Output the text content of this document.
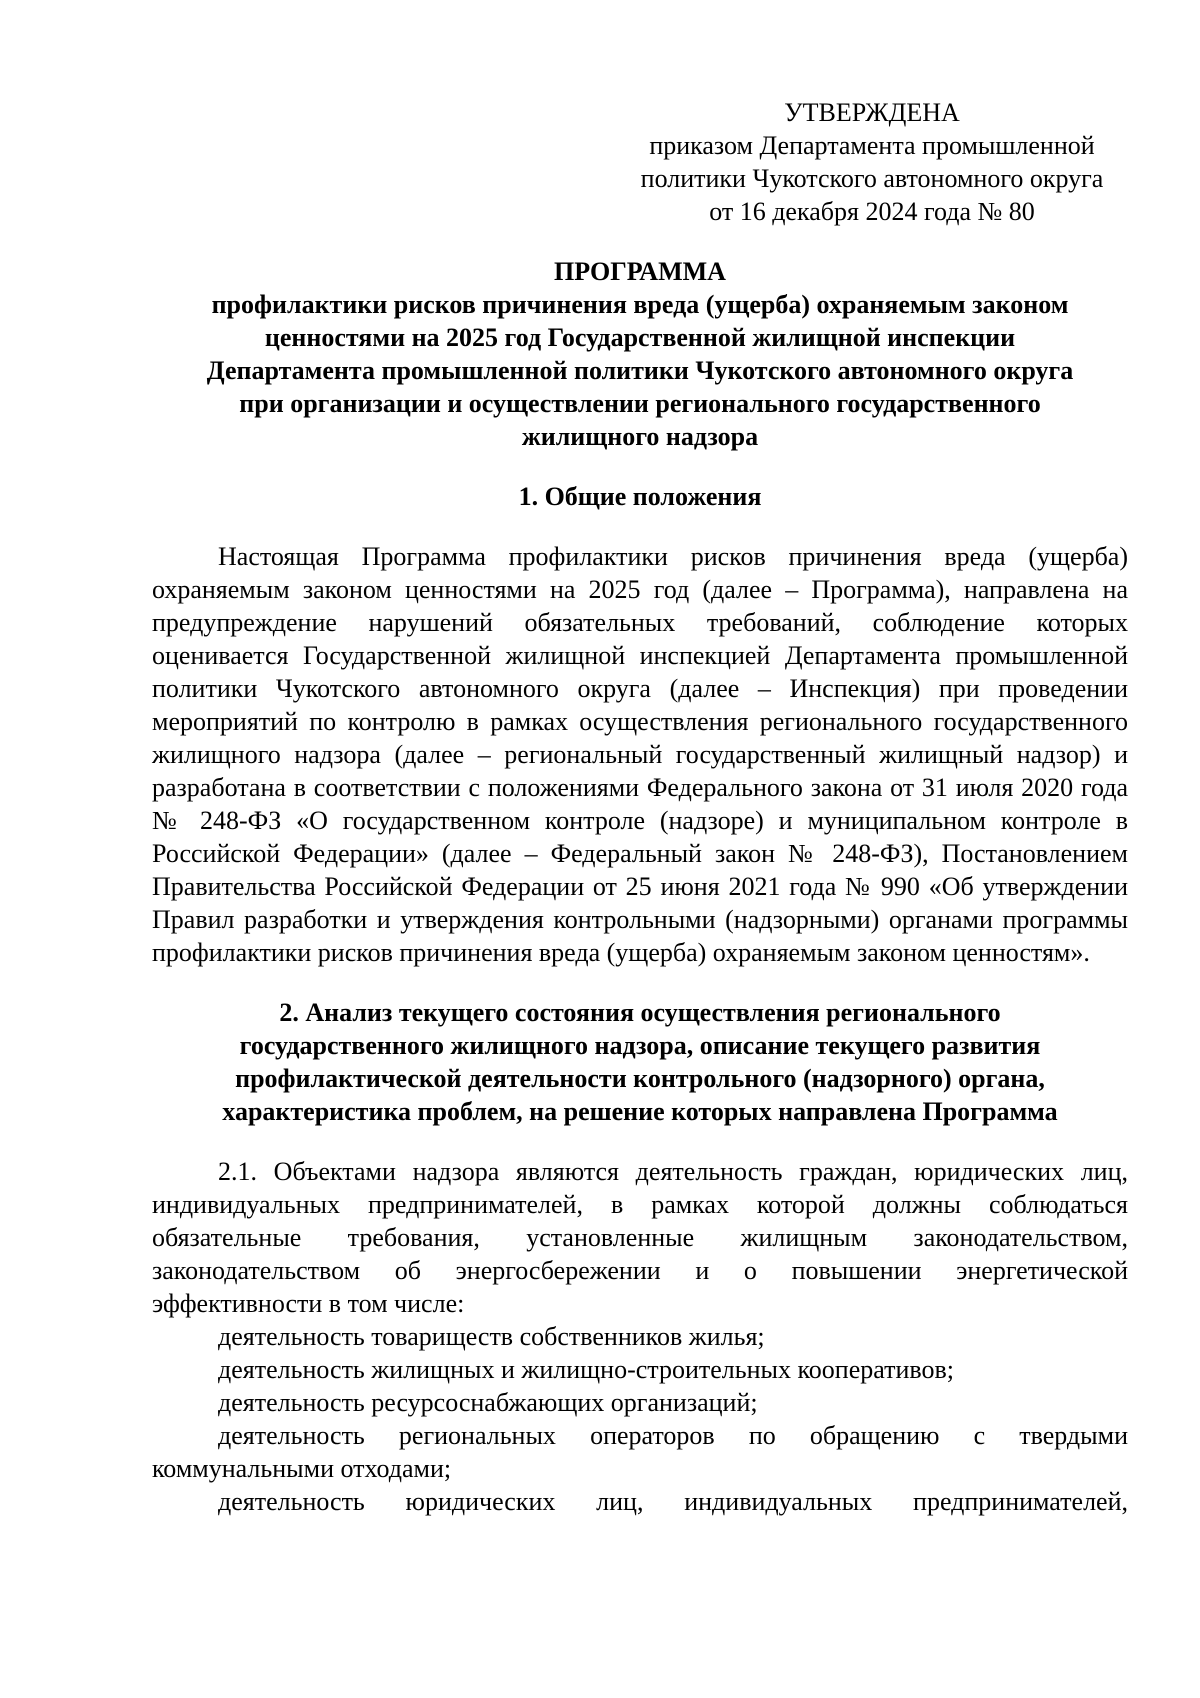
УТВЕРЖДЕНА
приказом Департамента промышленной
политики Чукотского автономного округа
от 16 декабря 2024 года № 80
ПРОГРАММА
профилактики рисков причинения вреда (ущерба) охраняемым законом
ценностями на 2025 год Государственной жилищной инспекции
Департамента промышленной политики Чукотского автономного округа
при организации и осуществлении регионального государственного
жилищного надзора
1. Общие положения

Настоящая Программа профилактики рисков причинения вреда (ущерба) охраняемым законом ценностями на 2025 год (далее – Программа), направлена на предупреждение нарушений обязательных требований, соблюдение которых оценивается Государственной жилищной инспекцией Департамента промышленной политики Чукотского автономного округа (далее – Инспекция) при проведении мероприятий по контролю в рамках осуществления регионального государственного жилищного надзора (далее – региональный государственный жилищный надзор) и разработана в соответствии с положениями Федерального закона от 31 июля 2020 года № 248-ФЗ «О государственном контроле (надзоре) и муниципальном контроле в Российской Федерации» (далее – Федеральный закон № 248-ФЗ), Постановлением Правительства Российской Федерации от 25 июня 2021 года № 990 «Об утверждении Правил разработки и утверждения контрольными (надзорными) органами программы профилактики рисков причинения вреда (ущерба) охраняемым законом ценностям».

2. Анализ текущего состояния осуществления регионального
государственного жилищного надзора, описание текущего развития
профилактической деятельности контрольного (надзорного) органа,
характеристика проблем, на решение которых направлена Программа

2.1. Объектами надзора являются деятельность граждан, юридических лиц, индивидуальных предпринимателей, в рамках которой должны соблюдаться обязательные требования, установленные жилищным законодательством, законодательством об энергосбережении и о повышении энергетической эффективности в том числе:

деятельность товариществ собственников жилья;

деятельность жилищных и жилищно-строительных кооперативов;

деятельность ресурсоснабжающих организаций;

деятельность региональных операторов по обращению с твердыми коммунальными отходами;

деятельность юридических лиц, индивидуальных предпринимателей,
